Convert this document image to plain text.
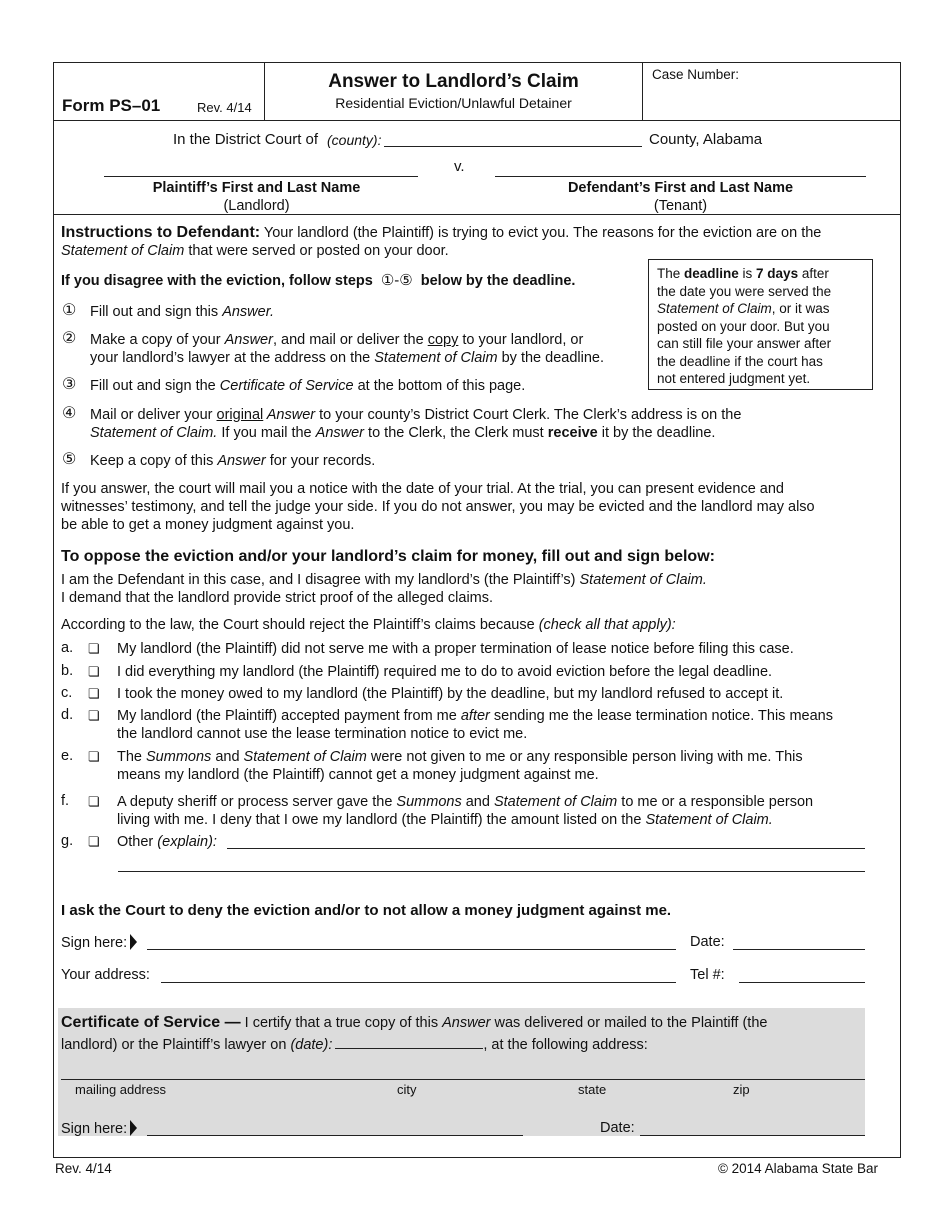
Form PS–01	Rev. 4/14
Answer to Landlord’s Claim
Residential Eviction/Unlawful Detainer
Case Number:
In the District Court of (county):	County, Alabama
v.
Plaintiff’s First and Last Name
(Landlord)
Defendant’s First and Last Name
(Tenant)
Instructions to Defendant: Your landlord (the Plaintiff) is trying to evict you. The reasons for the eviction are on the
Statement of Claim that were served or posted on your door.
If you disagree with the eviction, follow steps ①-⑤ below by the deadline.
① Fill out and sign this Answer.
② Make a copy of your Answer, and mail or deliver the copy to your landlord, or
your landlord’s lawyer at the address on the Statement of Claim by the deadline.
③ Fill out and sign the Certificate of Service at the bottom of this page.
The deadline is 7 days after
the date you were served the
Statement of Claim, or it was
posted on your door. But you
can still file your answer after
the deadline if the court has
not entered judgment yet.
④ Mail or deliver your original Answer to your county’s District Court Clerk. The Clerk’s address is on the
Statement of Claim. If you mail the Answer to the Clerk, the Clerk must receive it by the deadline.
⑤ Keep a copy of this Answer for your records.
If you answer, the court will mail you a notice with the date of your trial. At the trial, you can present evidence and
witnesses’ testimony, and tell the judge your side. If you do not answer, you may be evicted and the landlord may also
be able to get a money judgment against you.
To oppose the eviction and/or your landlord’s claim for money, fill out and sign below:
I am the Defendant in this case, and I disagree with my landlord’s (the Plaintiff’s) Statement of Claim.
I demand that the landlord provide strict proof of the alleged claims.
According to the law, the Court should reject the Plaintiff’s claims because (check all that apply):
a. ❏ My landlord (the Plaintiff) did not serve me with a proper termination of lease notice before filing this case.
b. ❏ I did everything my landlord (the Plaintiff) required me to do to avoid eviction before the legal deadline.
c. ❏ I took the money owed to my landlord (the Plaintiff) by the deadline, but my landlord refused to accept it.
d. ❏ My landlord (the Plaintiff) accepted payment from me after sending me the lease termination notice. This means
the landlord cannot use the lease termination notice to evict me.
e. ❏ The Summons and Statement of Claim were not given to me or any responsible person living with me. This
means my landlord (the Plaintiff) cannot get a money judgment against me.
f. ❏ A deputy sheriff or process server gave the Summons and Statement of Claim to me or a responsible person
living with me. I deny that I owe my landlord (the Plaintiff) the amount listed on the Statement of Claim.
g. ❏ Other (explain):
I ask the Court to deny the eviction and/or to not allow a money judgment against me.
Sign here:	Date:
Your address:	Tel #:
Certificate of Service — I certify that a true copy of this Answer was delivered or mailed to the Plaintiff (the
landlord) or the Plaintiff’s lawyer on (date):	, at the following address:
mailing address	city	state	zip
Sign here:	Date:
Rev. 4/14	© 2014 Alabama State Bar
